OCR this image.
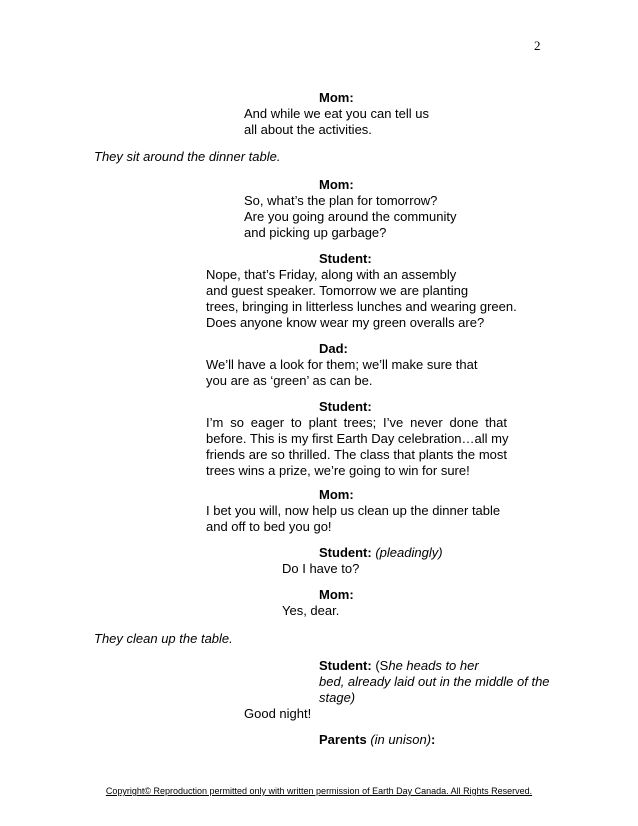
2
Mom:
And while we eat you can tell us
all about the activities.
They sit around the dinner table.
Mom:
So, what’s the plan for tomorrow?
Are you going around the community
and picking up garbage?
Student:
Nope, that’s Friday, along with an assembly
and guest speaker. Tomorrow we are planting
trees, bringing in litterless lunches and wearing green.
Does anyone know wear my green overalls are?
Dad:
We’ll have a look for them; we’ll make sure that
you are as ‘green’ as can be.
Student:
I’m so eager to plant trees; I’ve never done that
before. This is my first Earth Day celebration…all my
friends are so thrilled. The class that plants the most
trees wins a prize, we’re going to win for sure!
Mom:
I bet you will, now help us clean up the dinner table
and off to bed you go!
Student: (pleadingly)
Do I have to?
Mom:
Yes, dear.
They clean up the table.
Student: (She heads to her
bed, already laid out in the middle of the
stage)
Good night!
Parents (in unison):
Copyright© Reproduction permitted only with written permission of Earth Day Canada. All Rights Reserved.
